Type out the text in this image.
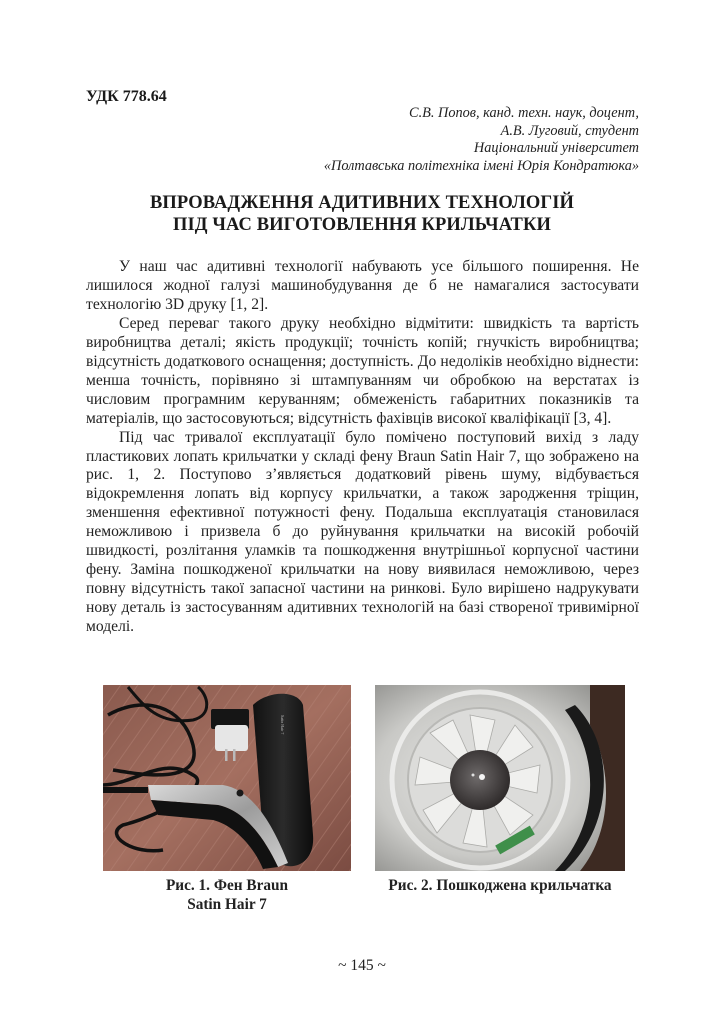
УДК 778.64
С.В. Попов, канд. техн. наук, доцент,
А.В. Луговий, студент
Національний університет
«Полтавська політехніка імені Юрія Кондратюка»
ВПРОВАДЖЕННЯ АДИТИВНИХ ТЕХНОЛОГІЙ
ПІД ЧАС ВИГОТОВЛЕННЯ КРИЛЬЧАТКИ

У наш час адитивні технології набувають усе більшого поширення. Не лишилося жодної галузі машинобудування де б не намагалися застосувати технологію 3D друку [1, 2].

Серед переваг такого друку необхідно відмітити: швидкість та вартість виробництва деталі; якість продукції; точність копій; гнучкість виробництва; відсутність додаткового оснащення; доступність. До недоліків необхідно віднести: менша точність, порівняно зі штампуванням чи обробкою на верстатах із числовим програмним керуванням; обмеженість габаритних показників та матеріалів, що застосовуються; відсутність фахівців високої кваліфікації [3, 4].

Під час тривалої експлуатації було помічено поступовий вихід з ладу пластикових лопать крильчатки у складі фену Braun Satin Hair 7, що зображено на рис. 1, 2. Поступово з’являється додатковий рівень шуму, відбувається відокремлення лопать від корпусу крильчатки, а також зародження тріщин, зменшення ефективної потужності фену. Подальша експлуатація становилася неможливою і призвела б до руйнування крильчатки на високій робочій швидкості, розлітання уламків та пошкодження внутрішньої корпусної частини фену. Заміна пошкодженої крильчатки на нову виявилася неможливою, через повну відсутність такої запасної частини на ринкові. Було вирішено надрукувати нову деталь із застосуванням адитивних технологій на базі створеної тривимірної моделі.

Satin Hair 7
Рис. 1. Фен Braun
Satin Hair 7
Рис. 2. Пошкоджена крильчатка
~ 145 ~
